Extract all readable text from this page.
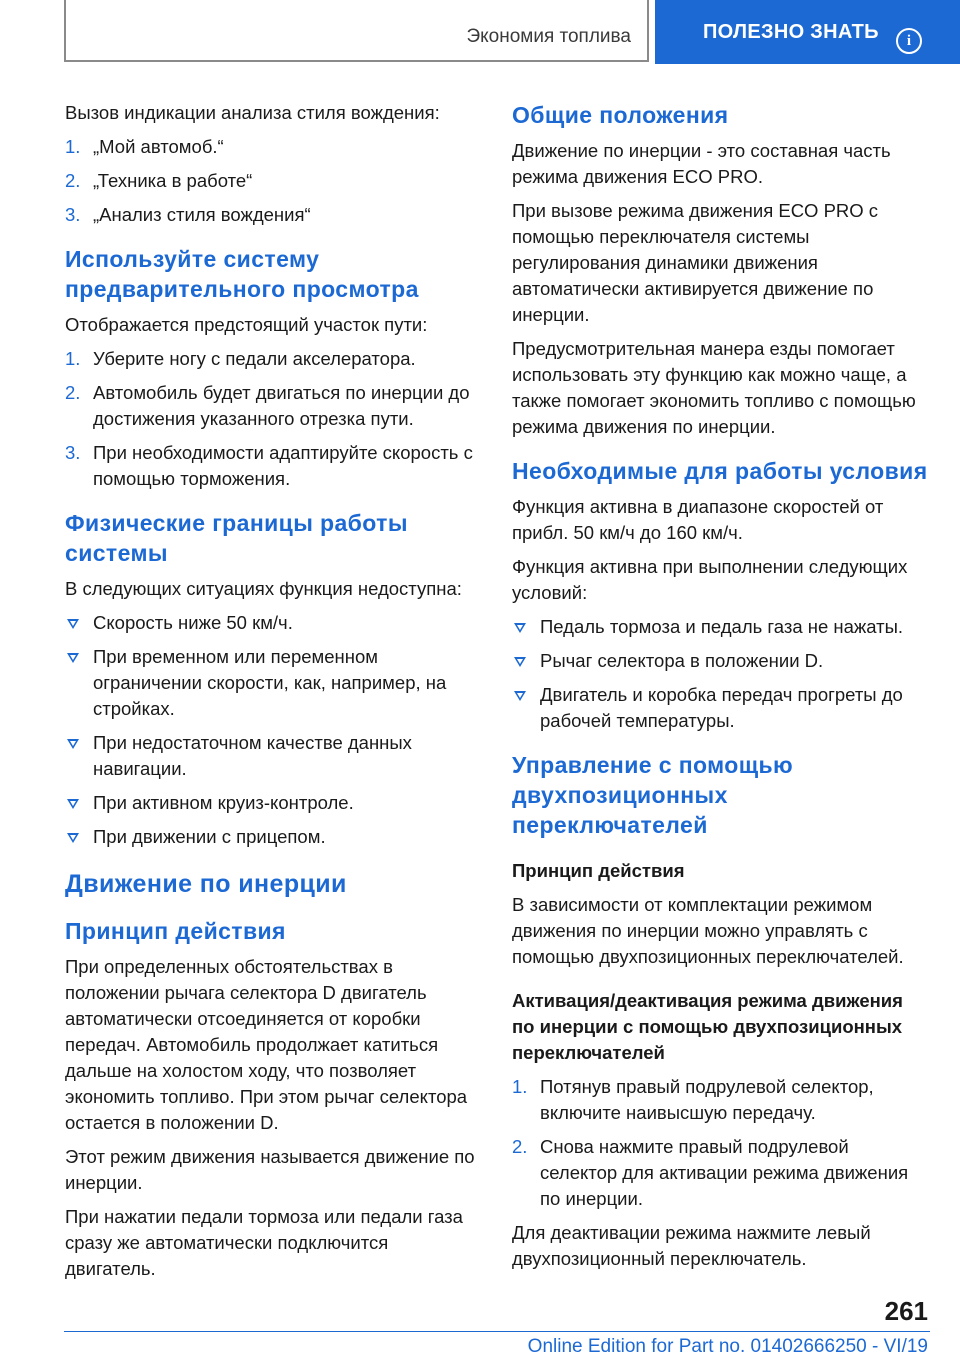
Экономия топлива	ПОЛЕЗНО ЗНАТЬ	i

Вызов индикации анализа стиля вождения:

1. „Мой автомоб.“
2. „Техника в работе“
3. „Анализ стиля вождения“
Используйте систему предварительного просмотра

Отображается предстоящий участок пути:

1. Уберите ногу с педали акселератора.
2. Автомобиль будет двигаться по инерции до достижения указанного отрезка пути.
3. При необходимости адаптируйте скорость с помощью торможения.
Физические границы работы системы

В следующих ситуациях функция недоступна:

Скорость ниже 50 км/ч.
При временном или переменном ограничении скорости, как, например, на стройках.
При недостаточном качестве данных навигации.
При активном круиз-контроле.
При движении с прицепом.
Движение по инерции
Принцип действия

При определенных обстоятельствах в положении рычага селектора D двигатель автоматически отсоединяется от коробки передач. Автомобиль продолжает катиться дальше на холостом ходу, что позволяет экономить топливо. При этом рычаг селектора остается в положении D.

Этот режим движения называется движение по инерции.

При нажатии педали тормоза или педали газа сразу же автоматически подключится двигатель.

Общие положения

Движение по инерции - это составная часть режима движения ECO PRO.

При вызове режима движения ECO PRO с помощью переключателя системы регулирования динамики движения автоматически активируется движение по инерции.

Предусмотрительная манера езды помогает использовать эту функцию как можно чаще, а также помогает экономить топливо с помощью режима движения по инерции.

Необходимые для работы условия

Функция активна в диапазоне скоростей от прибл. 50 км/ч до 160 км/ч.

Функция активна при выполнении следующих условий:

Педаль тормоза и педаль газа не нажаты.
Рычаг селектора в положении D.
Двигатель и коробка передач прогреты до рабочей температуры.
Управление с помощью двухпозиционных переключателей
Принцип действия

В зависимости от комплектации режимом движения по инерции можно управлять с помощью двухпозиционных переключателей.

Активация/деактивация режима движения по инерции с помощью двухпозиционных переключателей
1. Потянув правый подрулевой селектор, включите наивысшую передачу.
2. Снова нажмите правый подрулевой селектор для активации режима движения по инерции.

Для деактивации режима нажмите левый двухпозиционный переключатель.

261
Online Edition for Part no. 01402666250 - VI/19
